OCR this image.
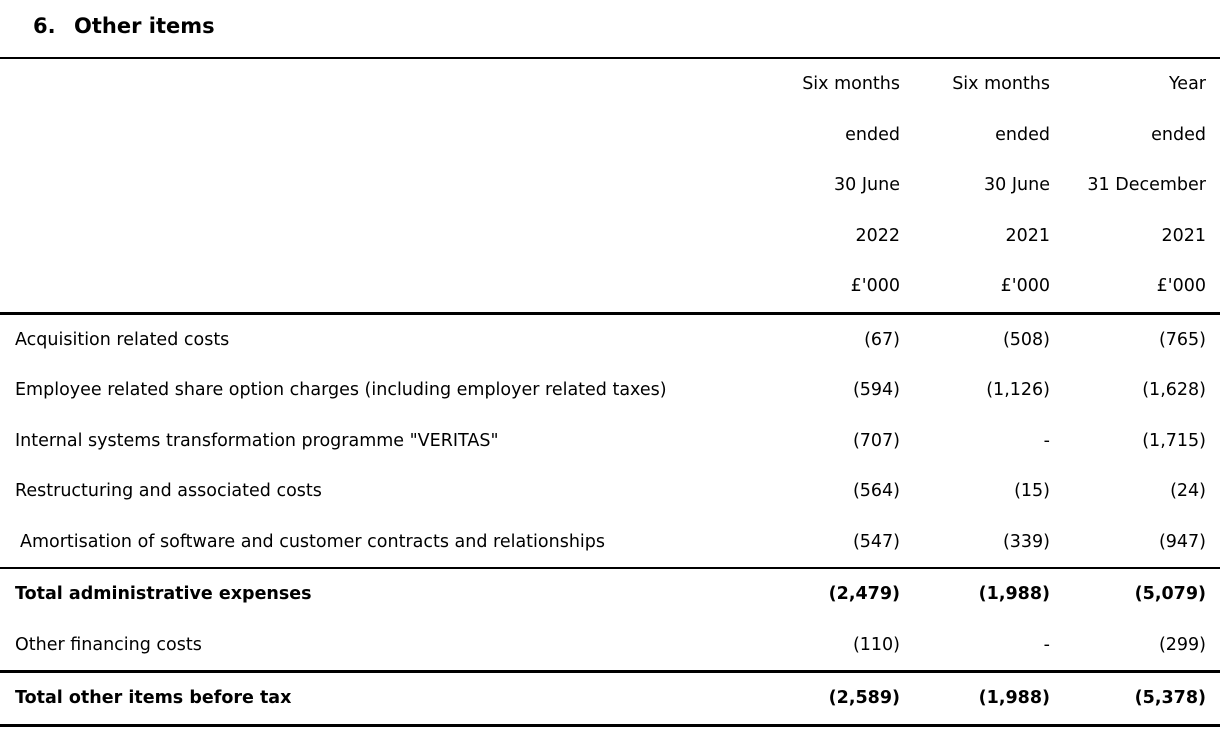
6. Other items
	Six months	Six months	Year
	ended	ended	ended
	30 June	30 June	31 December
	2022	2021	2021
	£'000	£'000	£'000
Acquisition related costs	(67)	(508)	(765)
Employee related share option charges (including employer related taxes)	(594)	(1,126)	(1,628)
Internal systems transformation programme "VERITAS"	(707)	-	(1,715)
Restructuring and associated costs	(564)	(15)	(24)
Amortisation of software and customer contracts and relationships	(547)	(339)	(947)
Total administrative expenses	(2,479)	(1,988)	(5,079)
Other financing costs	(110)	-	(299)
Total other items before tax	(2,589)	(1,988)	(5,378)
